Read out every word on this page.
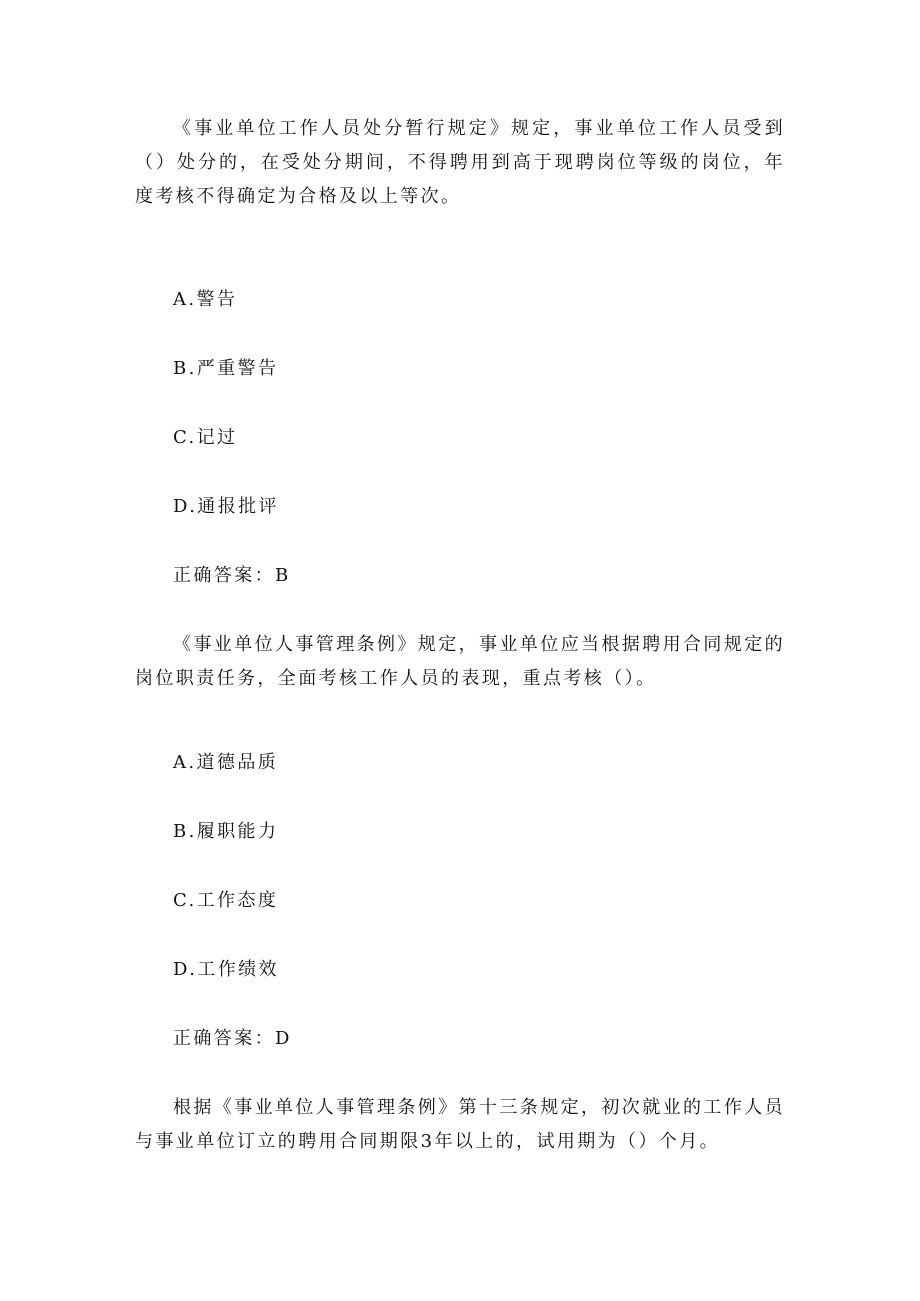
《事业单位工作人员处分暂行规定》规定，事业单位工作人员受到（）处分的，在受处分期间，不得聘用到高于现聘岗位等级的岗位，年度考核不得确定为合格及以上等次。

A.警告

B.严重警告

C.记过

D.通报批评

正确答案：B

《事业单位人事管理条例》规定，事业单位应当根据聘用合同规定的岗位职责任务，全面考核工作人员的表现，重点考核（）。

A.道德品质

B.履职能力

C.工作态度

D.工作绩效

正确答案：D

根据《事业单位人事管理条例》第十三条规定，初次就业的工作人员与事业单位订立的聘用合同期限3年以上的，试用期为（）个月。
